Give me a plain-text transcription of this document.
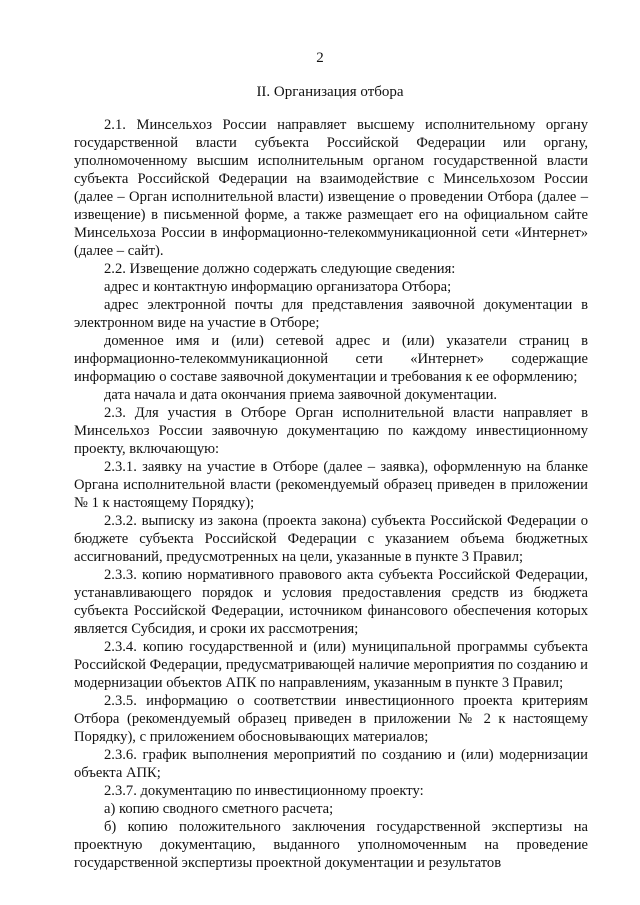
2
II. Организация отбора

2.1. Минсельхоз России направляет высшему исполнительному органу государственной власти субъекта Российской Федерации или органу, уполномоченному высшим исполнительным органом государственной власти субъекта Российской Федерации на взаимодействие с Минсельхозом России (далее – Орган исполнительной власти) извещение о проведении Отбора (далее – извещение) в письменной форме, а также размещает его на официальном сайте Минсельхоза России в информационно-телекоммуникационной сети «Интернет» (далее – сайт).

2.2. Извещение должно содержать следующие сведения:

адрес и контактную информацию организатора Отбора;

адрес электронной почты для представления заявочной документации в электронном виде на участие в Отборе;

доменное имя и (или) сетевой адрес и (или) указатели страниц в информационно-телекоммуникационной сети «Интернет» содержащие информацию о составе заявочной документации и требования к ее оформлению;

дата начала и дата окончания приема заявочной документации.

2.3. Для участия в Отборе Орган исполнительной власти направляет в Минсельхоз России заявочную документацию по каждому инвестиционному проекту, включающую:

2.3.1. заявку на участие в Отборе (далее – заявка), оформленную на бланке Органа исполнительной власти (рекомендуемый образец приведен в приложении № 1 к настоящему Порядку);

2.3.2. выписку из закона (проекта закона) субъекта Российской Федерации о бюджете субъекта Российской Федерации с указанием объема бюджетных ассигнований, предусмотренных на цели, указанные в пункте 3 Правил;

2.3.3. копию нормативного правового акта субъекта Российской Федерации, устанавливающего порядок и условия предоставления средств из бюджета субъекта Российской Федерации, источником финансового обеспечения которых является Субсидия, и сроки их рассмотрения;

2.3.4. копию государственной и (или) муниципальной программы субъекта Российской Федерации, предусматривающей наличие мероприятия по созданию и модернизации объектов АПК по направлениям, указанным в пункте 3 Правил;

2.3.5. информацию о соответствии инвестиционного проекта критериям Отбора (рекомендуемый образец приведен в приложении № 2 к настоящему Порядку), с приложением обосновывающих материалов;

2.3.6. график выполнения мероприятий по созданию и (или) модернизации объекта АПК;

2.3.7. документацию по инвестиционному проекту:

а) копию сводного сметного расчета;

б) копию положительного заключения государственной экспертизы на проектную документацию, выданного уполномоченным на проведение государственной экспертизы проектной документации и результатов
